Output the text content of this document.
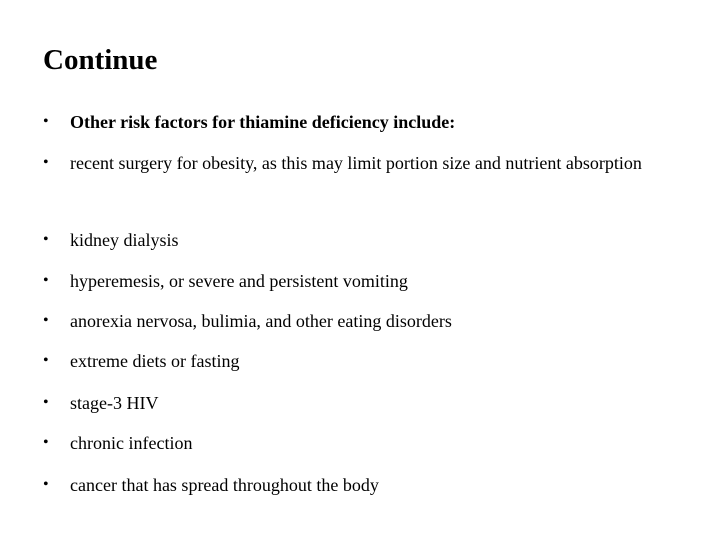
Continue
•	Other risk factors for thiamine deficiency include:
•	recent surgery for obesity, as this may limit portion size and nutrient absorption
•	kidney dialysis
•	hyperemesis, or severe and persistent vomiting
•	anorexia nervosa, bulimia, and other eating disorders
•	extreme diets or fasting
•	stage-3 HIV
•	chronic infection
•	cancer that has spread throughout the body
